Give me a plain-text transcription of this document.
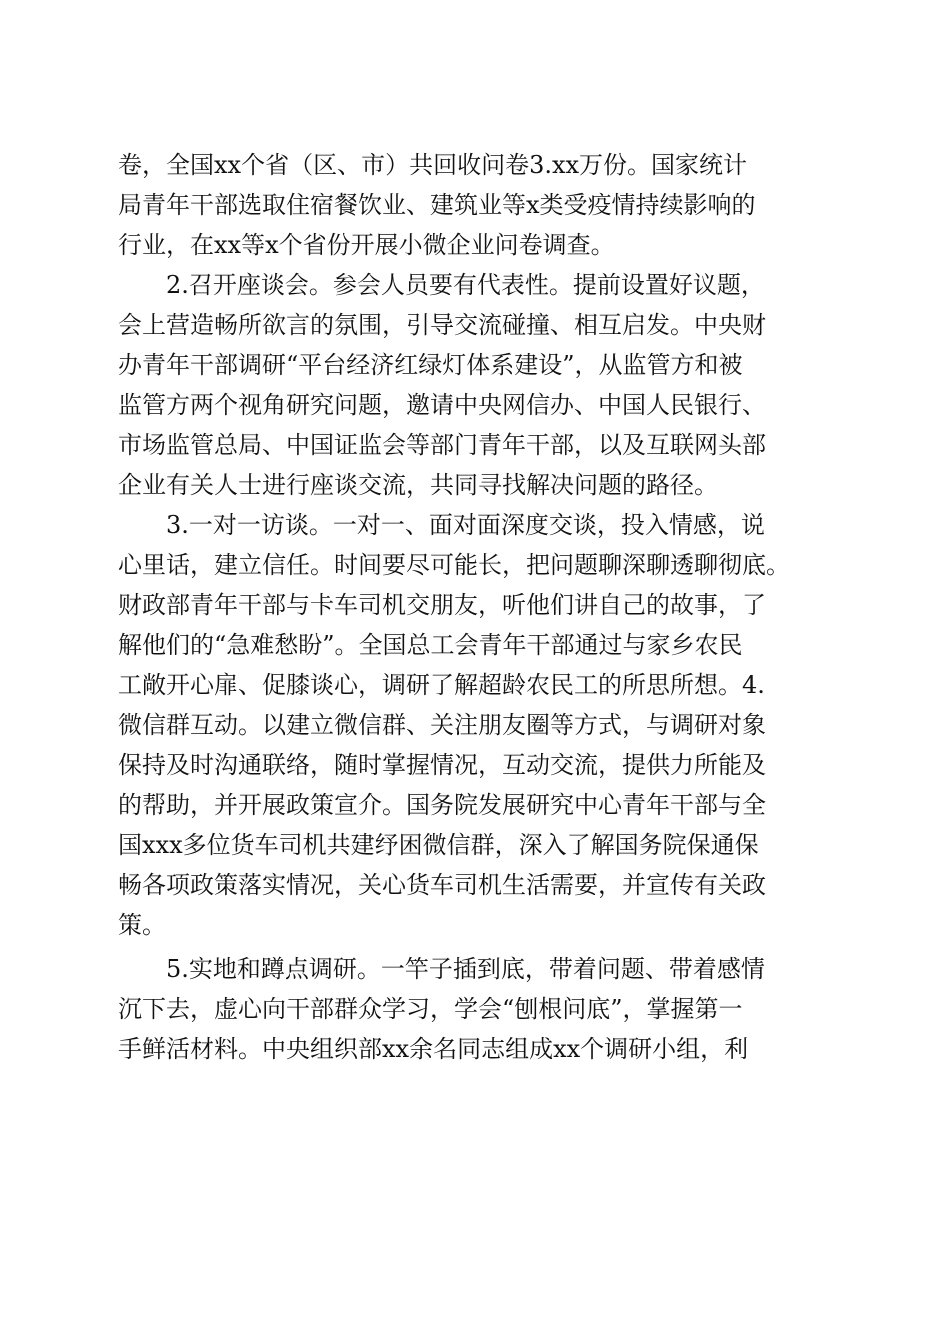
卷，全国xx个省（区、市）共回收问卷3.xx万份。国家统计
局青年干部选取住宿餐饮业、建筑业等x类受疫情持续影响的
行业，在xx等x个省份开展小微企业问卷调查。
2.召开座谈会。参会人员要有代表性。提前设置好议题，
会上营造畅所欲言的氛围，引导交流碰撞、相互启发。中央财
办青年干部调研“平台经济红绿灯体系建设”，从监管方和被
监管方两个视角研究问题，邀请中央网信办、中国人民银行、
市场监管总局、中国证监会等部门青年干部，以及互联网头部
企业有关人士进行座谈交流，共同寻找解决问题的路径。
3.一对一访谈。一对一、面对面深度交谈，投入情感，说
心里话，建立信任。时间要尽可能长，把问题聊深聊透聊彻底。
财政部青年干部与卡车司机交朋友，听他们讲自己的故事，了
解他们的“急难愁盼”。全国总工会青年干部通过与家乡农民
工敞开心扉、促膝谈心，调研了解超龄农民工的所思所想。4.
微信群互动。以建立微信群、关注朋友圈等方式，与调研对象
保持及时沟通联络，随时掌握情况，互动交流，提供力所能及
的帮助，并开展政策宣介。国务院发展研究中心青年干部与全
国xxx多位货车司机共建纾困微信群，深入了解国务院保通保
畅各项政策落实情况，关心货车司机生活需要，并宣传有关政
策。
5.实地和蹲点调研。一竿子插到底，带着问题、带着感情
沉下去，虚心向干部群众学习，学会“刨根问底”，掌握第一
手鲜活材料。中央组织部xx余名同志组成xx个调研小组，利
